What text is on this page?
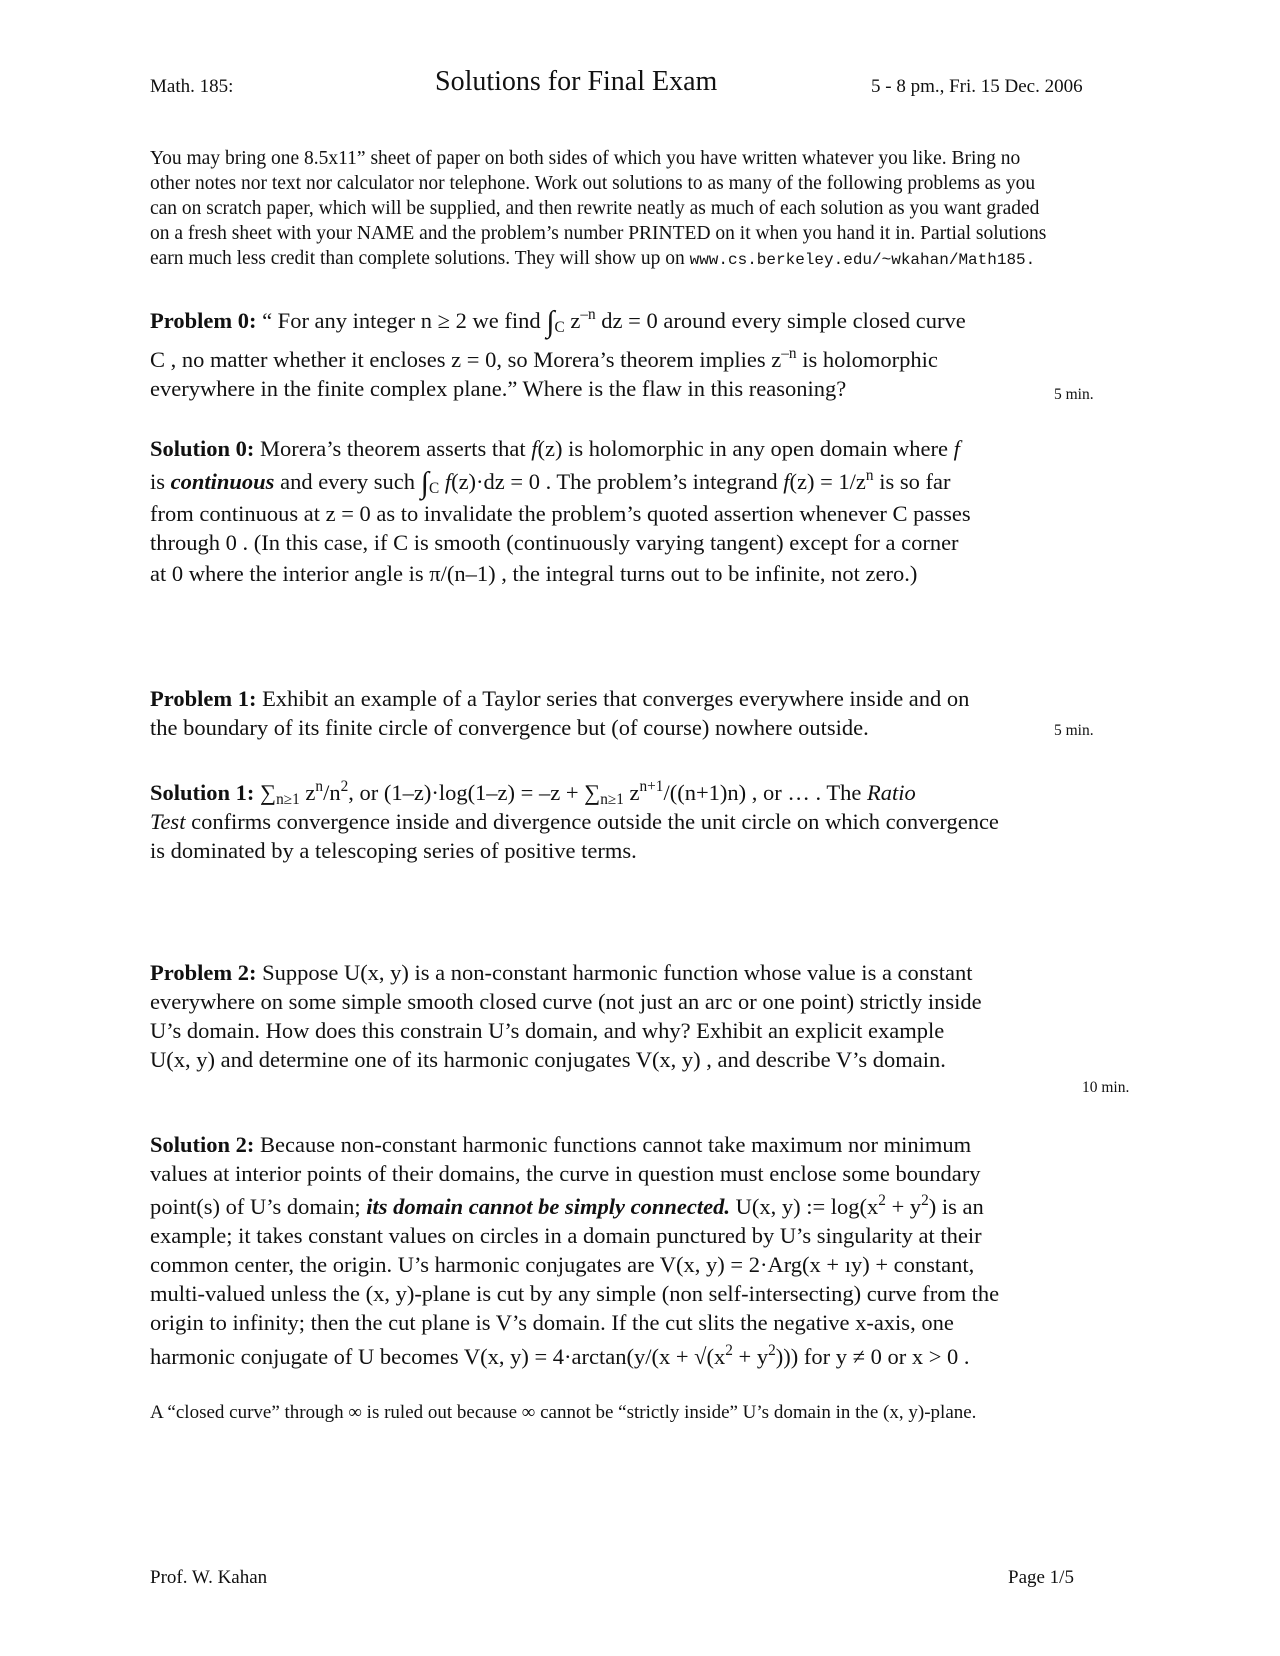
Math. 185:	Solutions for Final Exam	5 - 8 pm., Fri. 15 Dec. 2006
You may bring one 8.5x11” sheet of paper on both sides of which you have written whatever you like. Bring no
other notes nor text nor calculator nor telephone. Work out solutions to as many of the following problems as you
can on scratch paper, which will be supplied, and then rewrite neatly as much of each solution as you want graded
on a fresh sheet with your NAME and the problem’s number PRINTED on it when you hand it in. Partial solutions
earn much less credit than complete solutions. They will show up on www.cs.berkeley.edu/~wkahan/Math185.
Problem 0: “ For any integer n ≥ 2 we find $\int_C$ $z^{-n}$ dz = 0 around every simple closed curve
C , no matter whether it encloses z = 0, so Morera’s theorem implies $z^{-n}$ is holomorphic
everywhere in the finite complex plane.” Where is the flaw in this reasoning?	5 min.
Solution 0: Morera’s theorem asserts that f(z) is holomorphic in any open domain where f
is continuous and every such $\int_C$ f(z)·dz = 0 . The problem’s integrand $f(z) = 1/z^n$ is so far
from continuous at z = 0 as to invalidate the problem’s quoted assertion whenever C passes
through 0 . (In this case, if C is smooth (continuously varying tangent) except for a corner
at 0 where the interior angle is π/(n–1) , the integral turns out to be infinite, not zero.)
Problem 1: Exhibit an example of a Taylor series that converges everywhere inside and on
the boundary of its finite circle of convergence but (of course) nowhere outside.	5 min.
Solution 1: $\sum_{n\ge 1}$ $z^n/n^2$, or $(1-z)\cdot\log(1-z) = -z + \sum_{n\ge 1}$ $z^{n+1}/((n+1)n)$ , or … . The Ratio
Test confirms convergence inside and divergence outside the unit circle on which convergence
is dominated by a telescoping series of positive terms.
Problem 2: Suppose U(x, y) is a non-constant harmonic function whose value is a constant
everywhere on some simple smooth closed curve (not just an arc or one point) strictly inside
U’s domain. How does this constrain U’s domain, and why? Exhibit an explicit example
U(x, y) and determine one of its harmonic conjugates V(x, y) , and describe V’s domain.
10 min.
Solution 2: Because non-constant harmonic functions cannot take maximum nor minimum
values at interior points of their domains, the curve in question must enclose some boundary
point(s) of U’s domain; its domain cannot be simply connected. U(x, y) := $\log(x^2 + y^2)$ is an
example; it takes constant values on circles in a domain punctured by U’s singularity at their
common center, the origin. U’s harmonic conjugates are V(x, y) = 2·Arg(x + ıy) + constant,
multi-valued unless the (x, y)-plane is cut by any simple (non self-intersecting) curve from the
origin to infinity; then the cut plane is V’s domain. If the cut slits the negative x-axis, one
harmonic conjugate of U becomes V(x, $y) = 4\cdot\arctan(y/(x + √(x^2 + y^2)))$ for y ≠ 0 or x > 0 .
A “closed curve” through ∞ is ruled out because ∞ cannot be “strictly inside” U’s domain in the (x, y)-plane.
Prof. W. Kahan	Page 1/5
